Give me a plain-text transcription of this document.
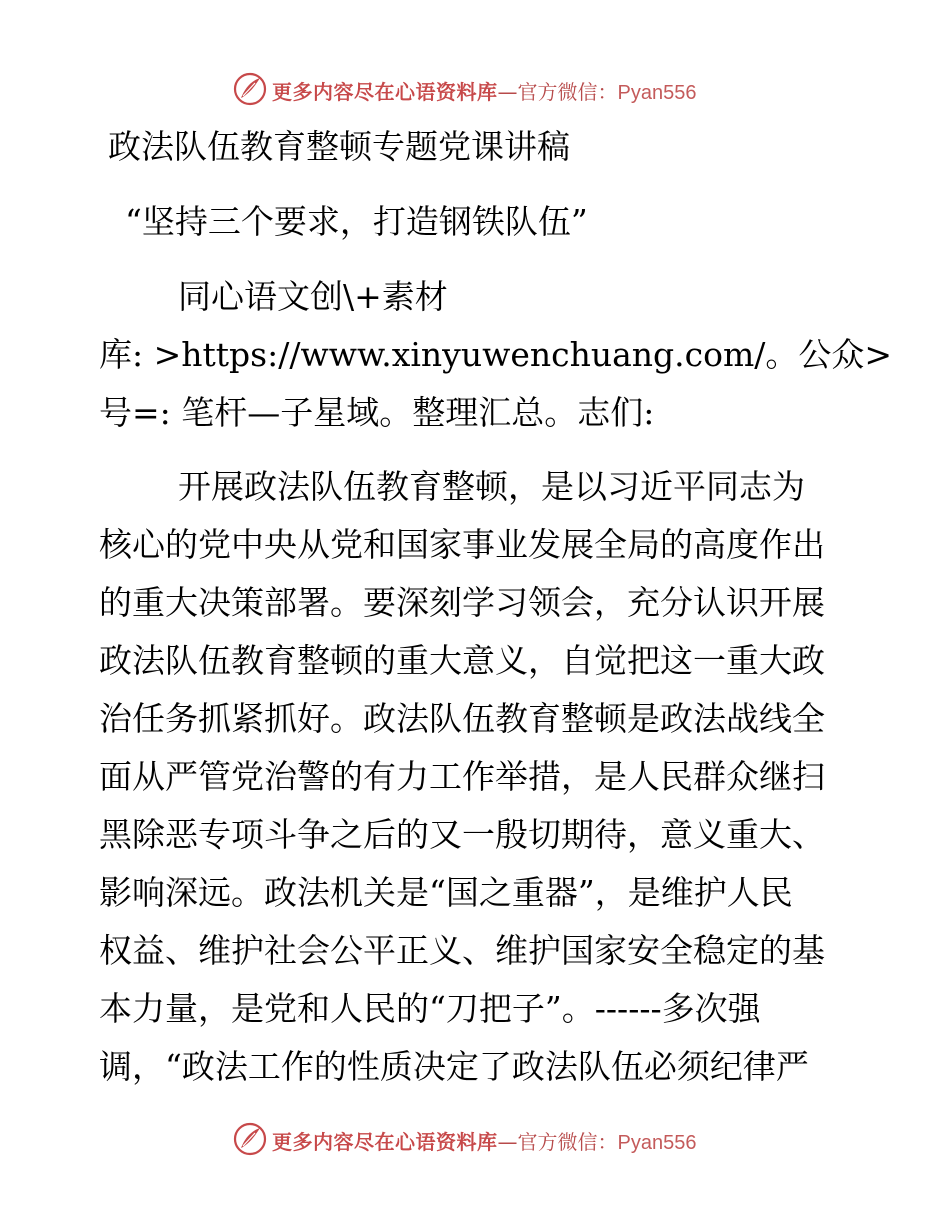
更多内容尽在心语资料库—官方微信：Pyan556
政法队伍教育整顿专题党课讲稿
“坚持三个要求，打造钢铁队伍”
同心语文创\+素材
库: >https://www.xinyuwenchuang.com/。公众>
号=: 笔杆—子星域。整理汇总。志们:
开展政法队伍教育整顿，是以习近平同志为
核心的党中央从党和国家事业发展全局的高度作出
的重大决策部署。要深刻学习领会，充分认识开展
政法队伍教育整顿的重大意义，自觉把这一重大政
治任务抓紧抓好。政法队伍教育整顿是政法战线全
面从严管党治警的有力工作举措，是人民群众继扫
黑除恶专项斗争之后的又一殷切期待，意义重大、
影响深远。政法机关是“国之重器”，是维护人民
权益、维护社会公平正义、维护国家安全稳定的基
本力量，是党和人民的“刀把子”。------多次强
调，“政法工作的性质决定了政法队伍必须纪律严
更多内容尽在心语资料库—官方微信：Pyan556
